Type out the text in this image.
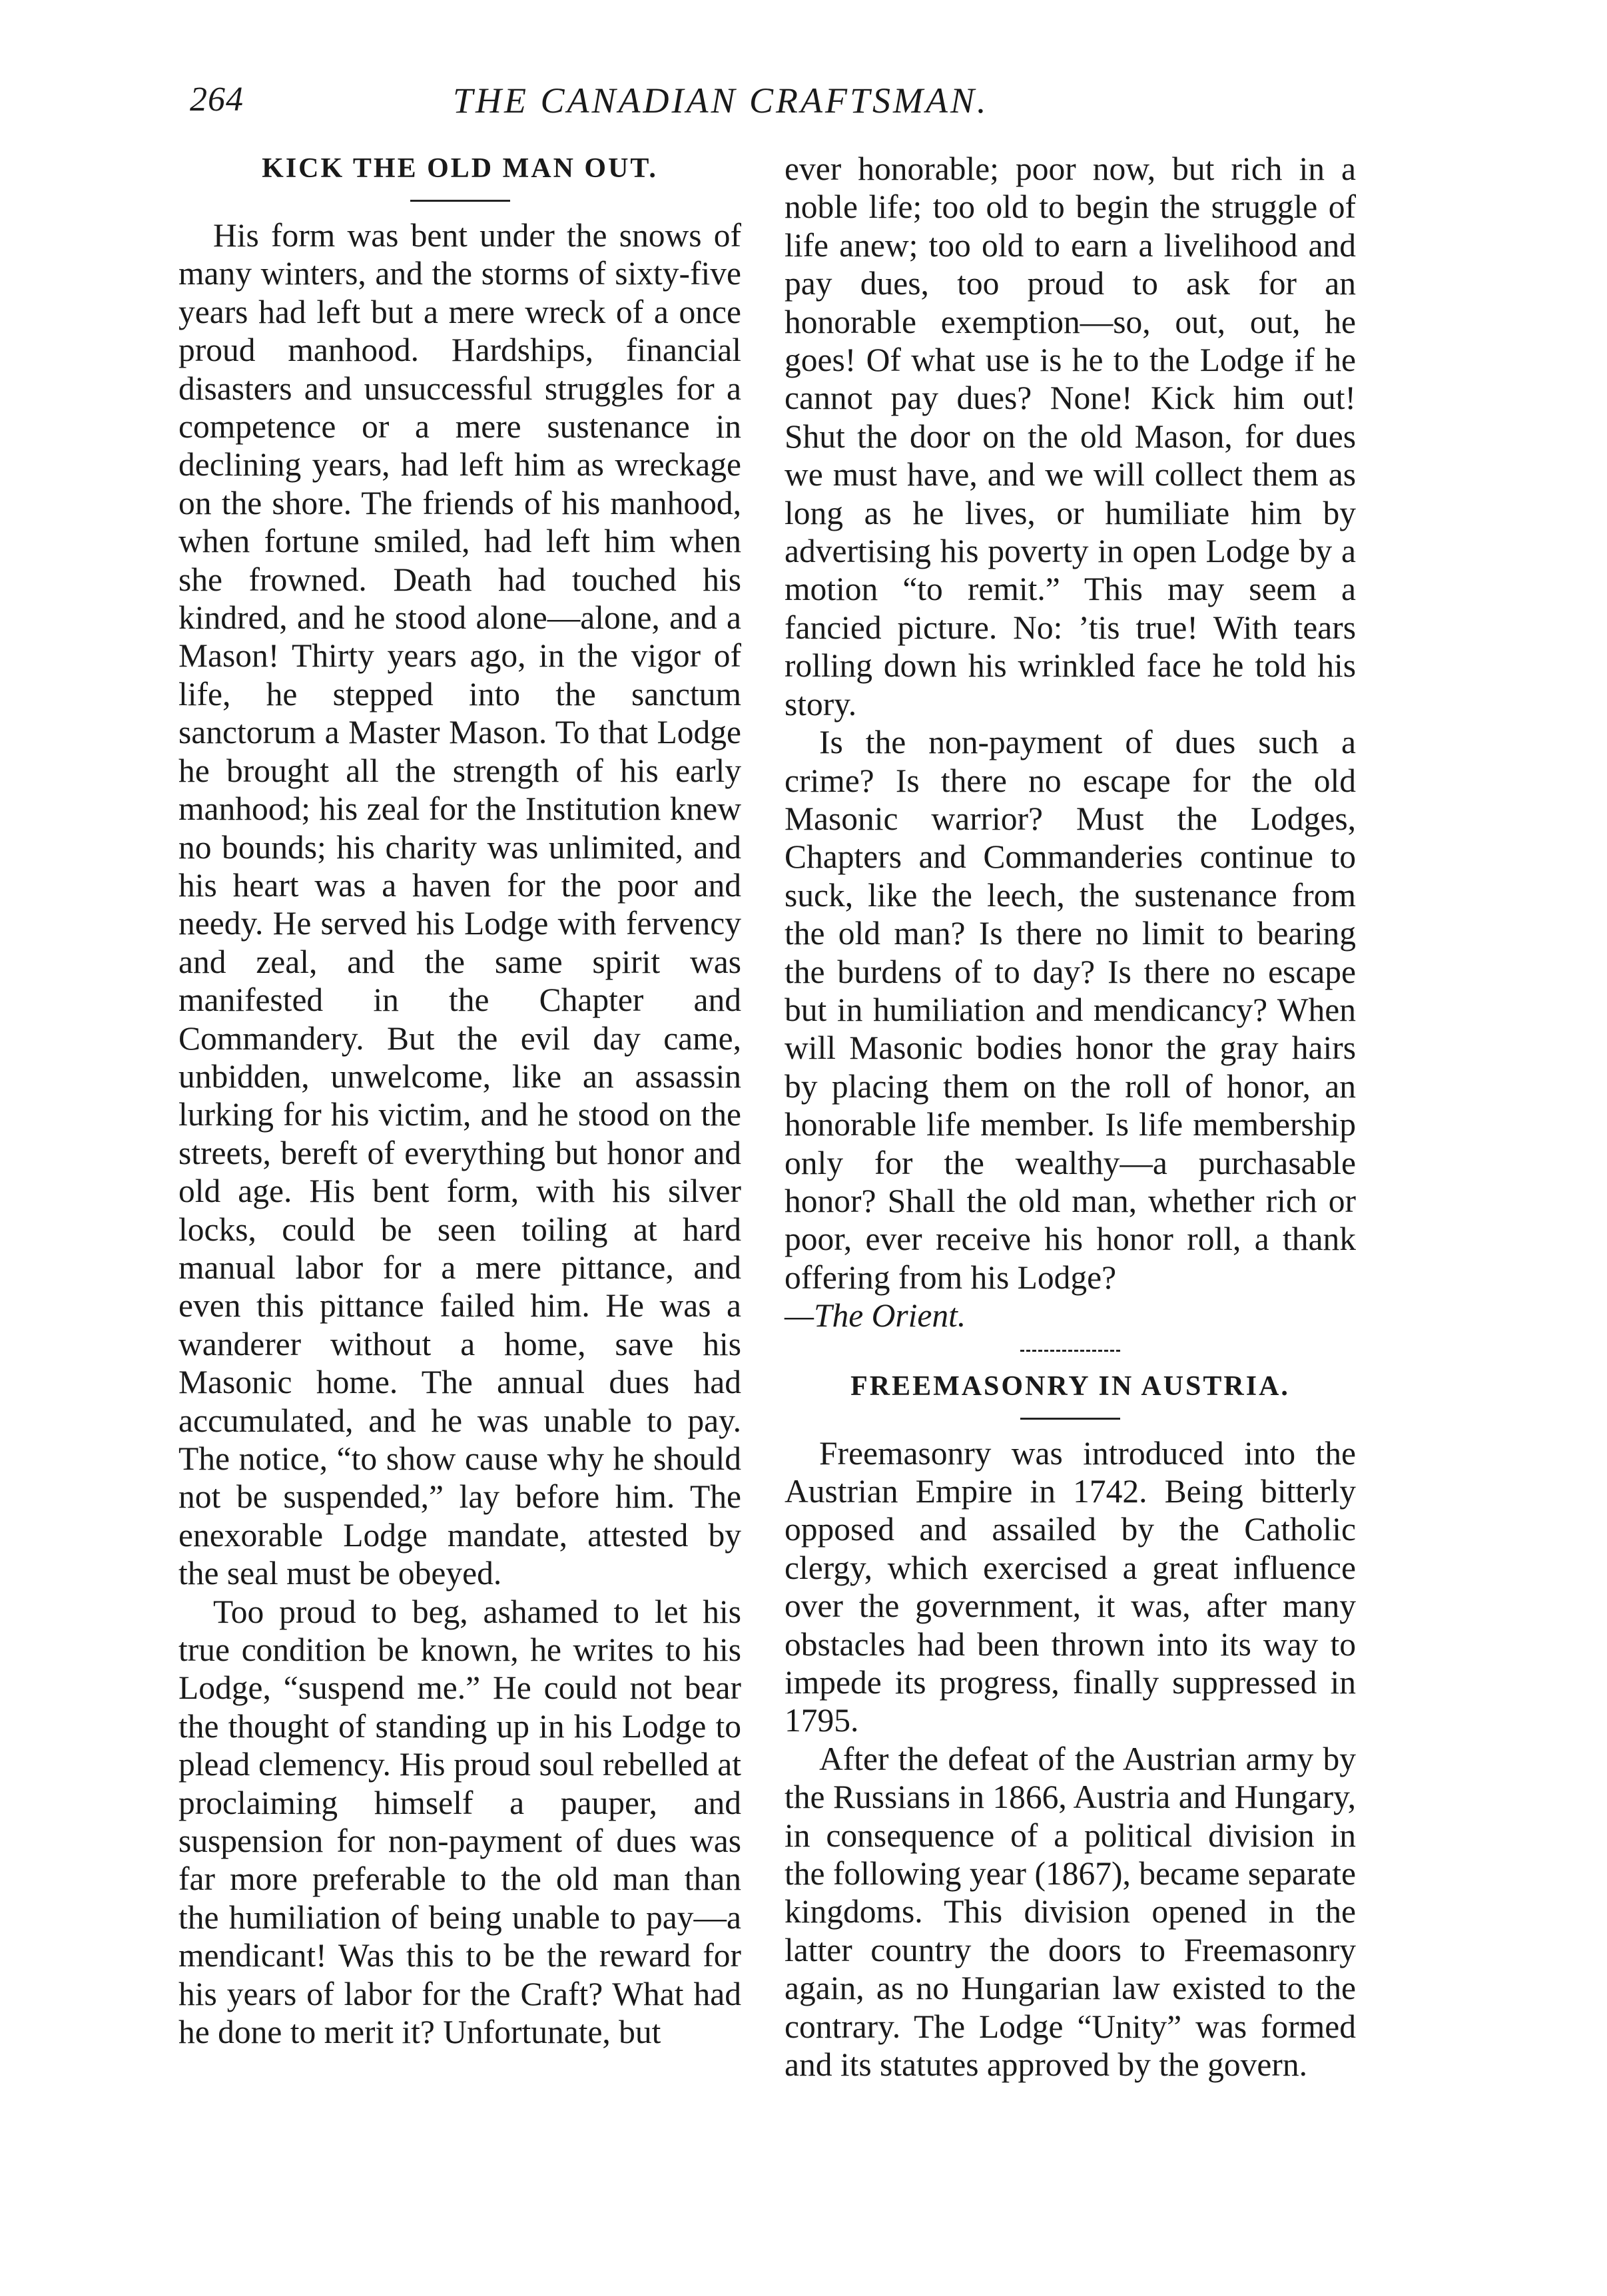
264	THE CANADIAN CRAFTSMAN.
KICK THE OLD MAN OUT.

His form was bent under the snows of many winters, and the storms of sixty-five years had left but a mere wreck of a once proud manhood. Hardships, financial disasters and unsuccessful struggles for a competence or a mere sustenance in declining years, had left him as wreckage on the shore. The friends of his manhood, when fortune smiled, had left him when she frowned. Death had touched his kindred, and he stood alone—alone, and a Mason! Thirty years ago, in the vigor of life, he stepped into the sanctum sanctorum a Master Mason. To that Lodge he brought all the strength of his early manhood; his zeal for the Institution knew no bounds; his charity was unlimited, and his heart was a haven for the poor and needy. He served his Lodge with fervency and zeal, and the same spirit was manifested in the Chapter and Commandery. But the evil day came, unbidden, unwelcome, like an assassin lurking for his victim, and he stood on the streets, bereft of everything but honor and old age. His bent form, with his silver locks, could be seen toiling at hard manual labor for a mere pittance, and even this pittance failed him. He was a wanderer without a home, save his Masonic home. The annual dues had accumulated, and he was unable to pay. The notice, “to show cause why he should not be suspended,” lay before him. The enexorable Lodge mandate, attested by the seal must be obeyed.

Too proud to beg, ashamed to let his true condition be known, he writes to his Lodge, “suspend me.” He could not bear the thought of standing up in his Lodge to plead clemency. His proud soul rebelled at proclaiming himself a pauper, and suspension for non-payment of dues was far more preferable to the old man than the humiliation of being unable to pay—a mendicant! Was this to be the reward for his years of labor for the Craft? What had he done to merit it? Unfortunate, but

ever honorable; poor now, but rich in a noble life; too old to begin the struggle of life anew; too old to earn a livelihood and pay dues, too proud to ask for an honorable exemption—so, out, out, he goes! Of what use is he to the Lodge if he cannot pay dues? None! Kick him out! Shut the door on the old Mason, for dues we must have, and we will collect them as long as he lives, or humiliate him by advertising his poverty in open Lodge by a motion “to remit.” This may seem a fancied picture. No: ’tis true! With tears rolling down his wrinkled face he told his story.

Is the non-payment of dues such a crime? Is there no escape for the old Masonic warrior? Must the Lodges, Chapters and Commanderies continue to suck, like the leech, the sustenance from the old man? Is there no limit to bearing the burdens of to day? Is there no escape but in humiliation and mendicancy? When will Masonic bodies honor the gray hairs by placing them on the roll of honor, an honorable life member. Is life membership only for the wealthy—a purchasable honor? Shall the old man, whether rich or poor, ever receive his honor roll, a thank offering from his Lodge?

—The Orient.

FREEMASONRY IN AUSTRIA.

Freemasonry was introduced into the Austrian Empire in 1742. Being bitterly opposed and assailed by the Catholic clergy, which exercised a great influence over the government, it was, after many obstacles had been thrown into its way to impede its progress, finally suppressed in 1795.

After the defeat of the Austrian army by the Russians in 1866, Austria and Hungary, in consequence of a political division in the following year (1867), became separate kingdoms. This division opened in the latter country the doors to Freemasonry again, as no Hungarian law existed to the contrary. The Lodge “Unity” was formed and its statutes approved by the govern.
